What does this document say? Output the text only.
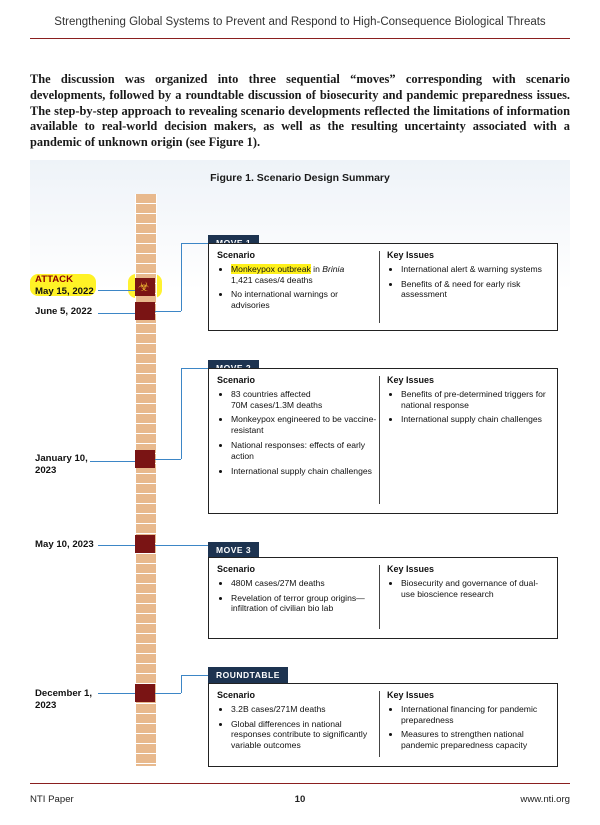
Strengthening Global Systems to Prevent and Respond to High-Consequence Biological Threats
The discussion was organized into three sequential “moves” corresponding with scenario developments, followed by a roundtable discussion of biosecurity and pandemic preparedness issues. The step-by-step approach to revealing scenario developments reflected the limitations of information available to real-world decision makers, as well as the resulting uncertainty associated with a pandemic of unknown origin (see Figure 1).
Figure 1. Scenario Design Summary
☣
ATTACK
May 15, 2022
June 5, 2022
January 10,
2023
May 10, 2023
December 1,
2023
Scenario
• Monkeypox outbreak in Brinia
1,421 cases/4 deaths
• No international warnings or advisories
Key Issues
• International alert & warning systems
• Benefits of & need for early risk assessment
Scenario
• 83 countries affected
70M cases/1.3M deaths
• Monkeypox engineered to be vaccine-resistant
• National responses: effects of early action
• International supply chain challenges
Key Issues
• Benefits of pre-determined triggers for national response
• International supply chain challenges
MOVE 3
Scenario
• 480M cases/27M deaths
• Revelation of terror group origins—infiltration of civilian bio lab
Key Issues
• Biosecurity and governance of dual-use bioscience research
ROUNDTABLE
Scenario
• 3.2B cases/271M deaths
• Global differences in national responses contribute to significantly variable outcomes
Key Issues
• International financing for pandemic preparedness
• Measures to strengthen national pandemic preparedness capacity
NTI Paper	10	www.nti.org
